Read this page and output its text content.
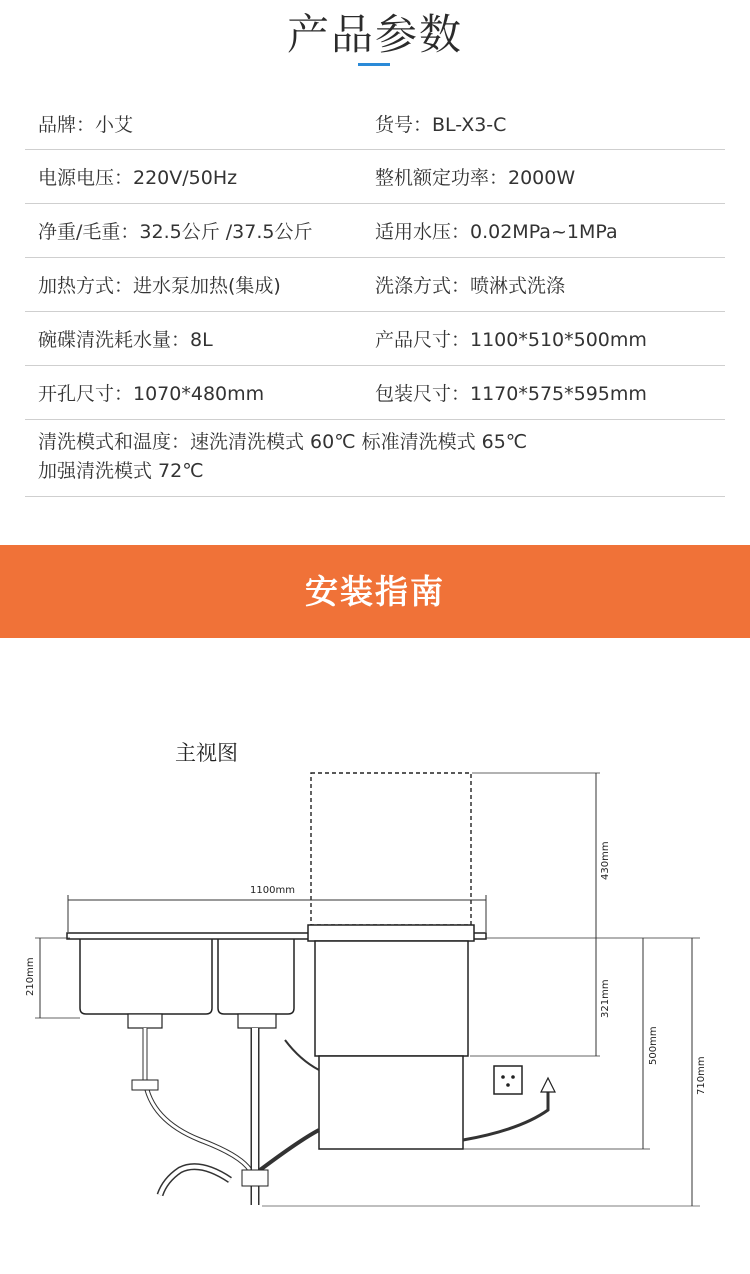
产品参数
品牌：小艾	货号：BL-X3-C
电源电压：220V/50Hz	整机额定功率：2000W
净重/毛重：32.5公斤 /37.5公斤	适用水压：0.02MPa~1MPa
加热方式：进水泵加热(集成)	洗涤方式：喷淋式洗涤
碗碟清洗耗水量：8L	产品尺寸：1100*510*500mm
开孔尺寸：1070*480mm	包装尺寸：1170*575*595mm
清洗模式和温度：速洗清洗模式 60℃ 标准清洗模式 65℃
加强清洗模式 72℃
安装指南
主视图
1100mm
210mm
430mm
321mm
500mm
710mm
